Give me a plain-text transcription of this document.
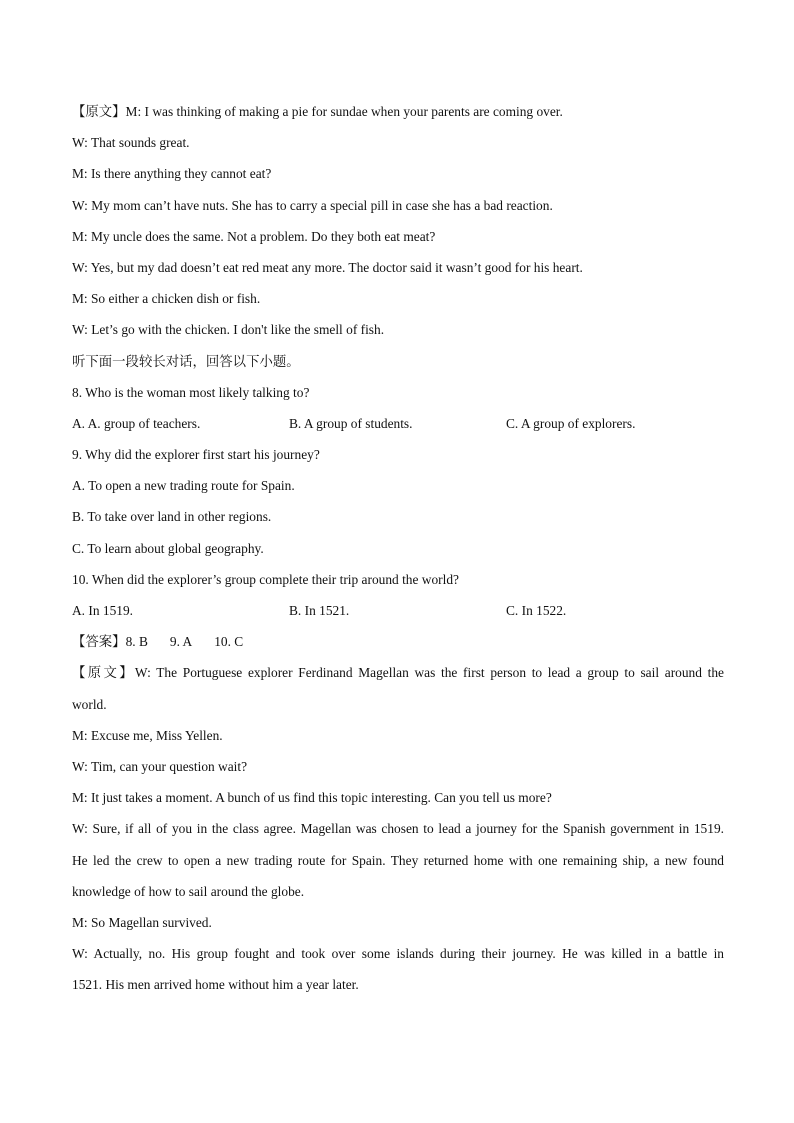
【原文】M: I was thinking of making a pie for sundae when your parents are coming over.
W: That sounds great.
M: Is there anything they cannot eat?
W: My mom can’t have nuts. She has to carry a special pill in case she has a bad reaction.
M: My uncle does the same. Not a problem. Do they both eat meat?
W: Yes, but my dad doesn’t eat red meat any more. The doctor said it wasn’t good for his heart.
M: So either a chicken dish or fish.
W: Let’s go with the chicken. I don't like the smell of fish.
听下面一段较长对话，回答以下小题。
8. Who is the woman most likely talking to?
A. A. group of teachers.	B. A group of students.	C. A group of explorers.
9. Why did the explorer first start his journey?
A. To open a new trading route for Spain.
B. To take over land in other regions.
C. To learn about global geography.
10. When did the explorer’s group complete their trip around the world?
A. In 1519.	B. In 1521.	C. In 1522.
【答案】8. B 9. A 10. C
【原文】W: The Portuguese explorer Ferdinand Magellan was the first person to lead a group to sail around the
world.
M: Excuse me, Miss Yellen.
W: Tim, can your question wait?
M: It just takes a moment. A bunch of us find this topic interesting. Can you tell us more?
W: Sure, if all of you in the class agree. Magellan was chosen to lead a journey for the Spanish government in 1519.
He led the crew to open a new trading route for Spain. They returned home with one remaining ship, a new found
knowledge of how to sail around the globe.
M: So Magellan survived.
W: Actually, no. His group fought and took over some islands during their journey. He was killed in a battle in
1521. His men arrived home without him a year later.
